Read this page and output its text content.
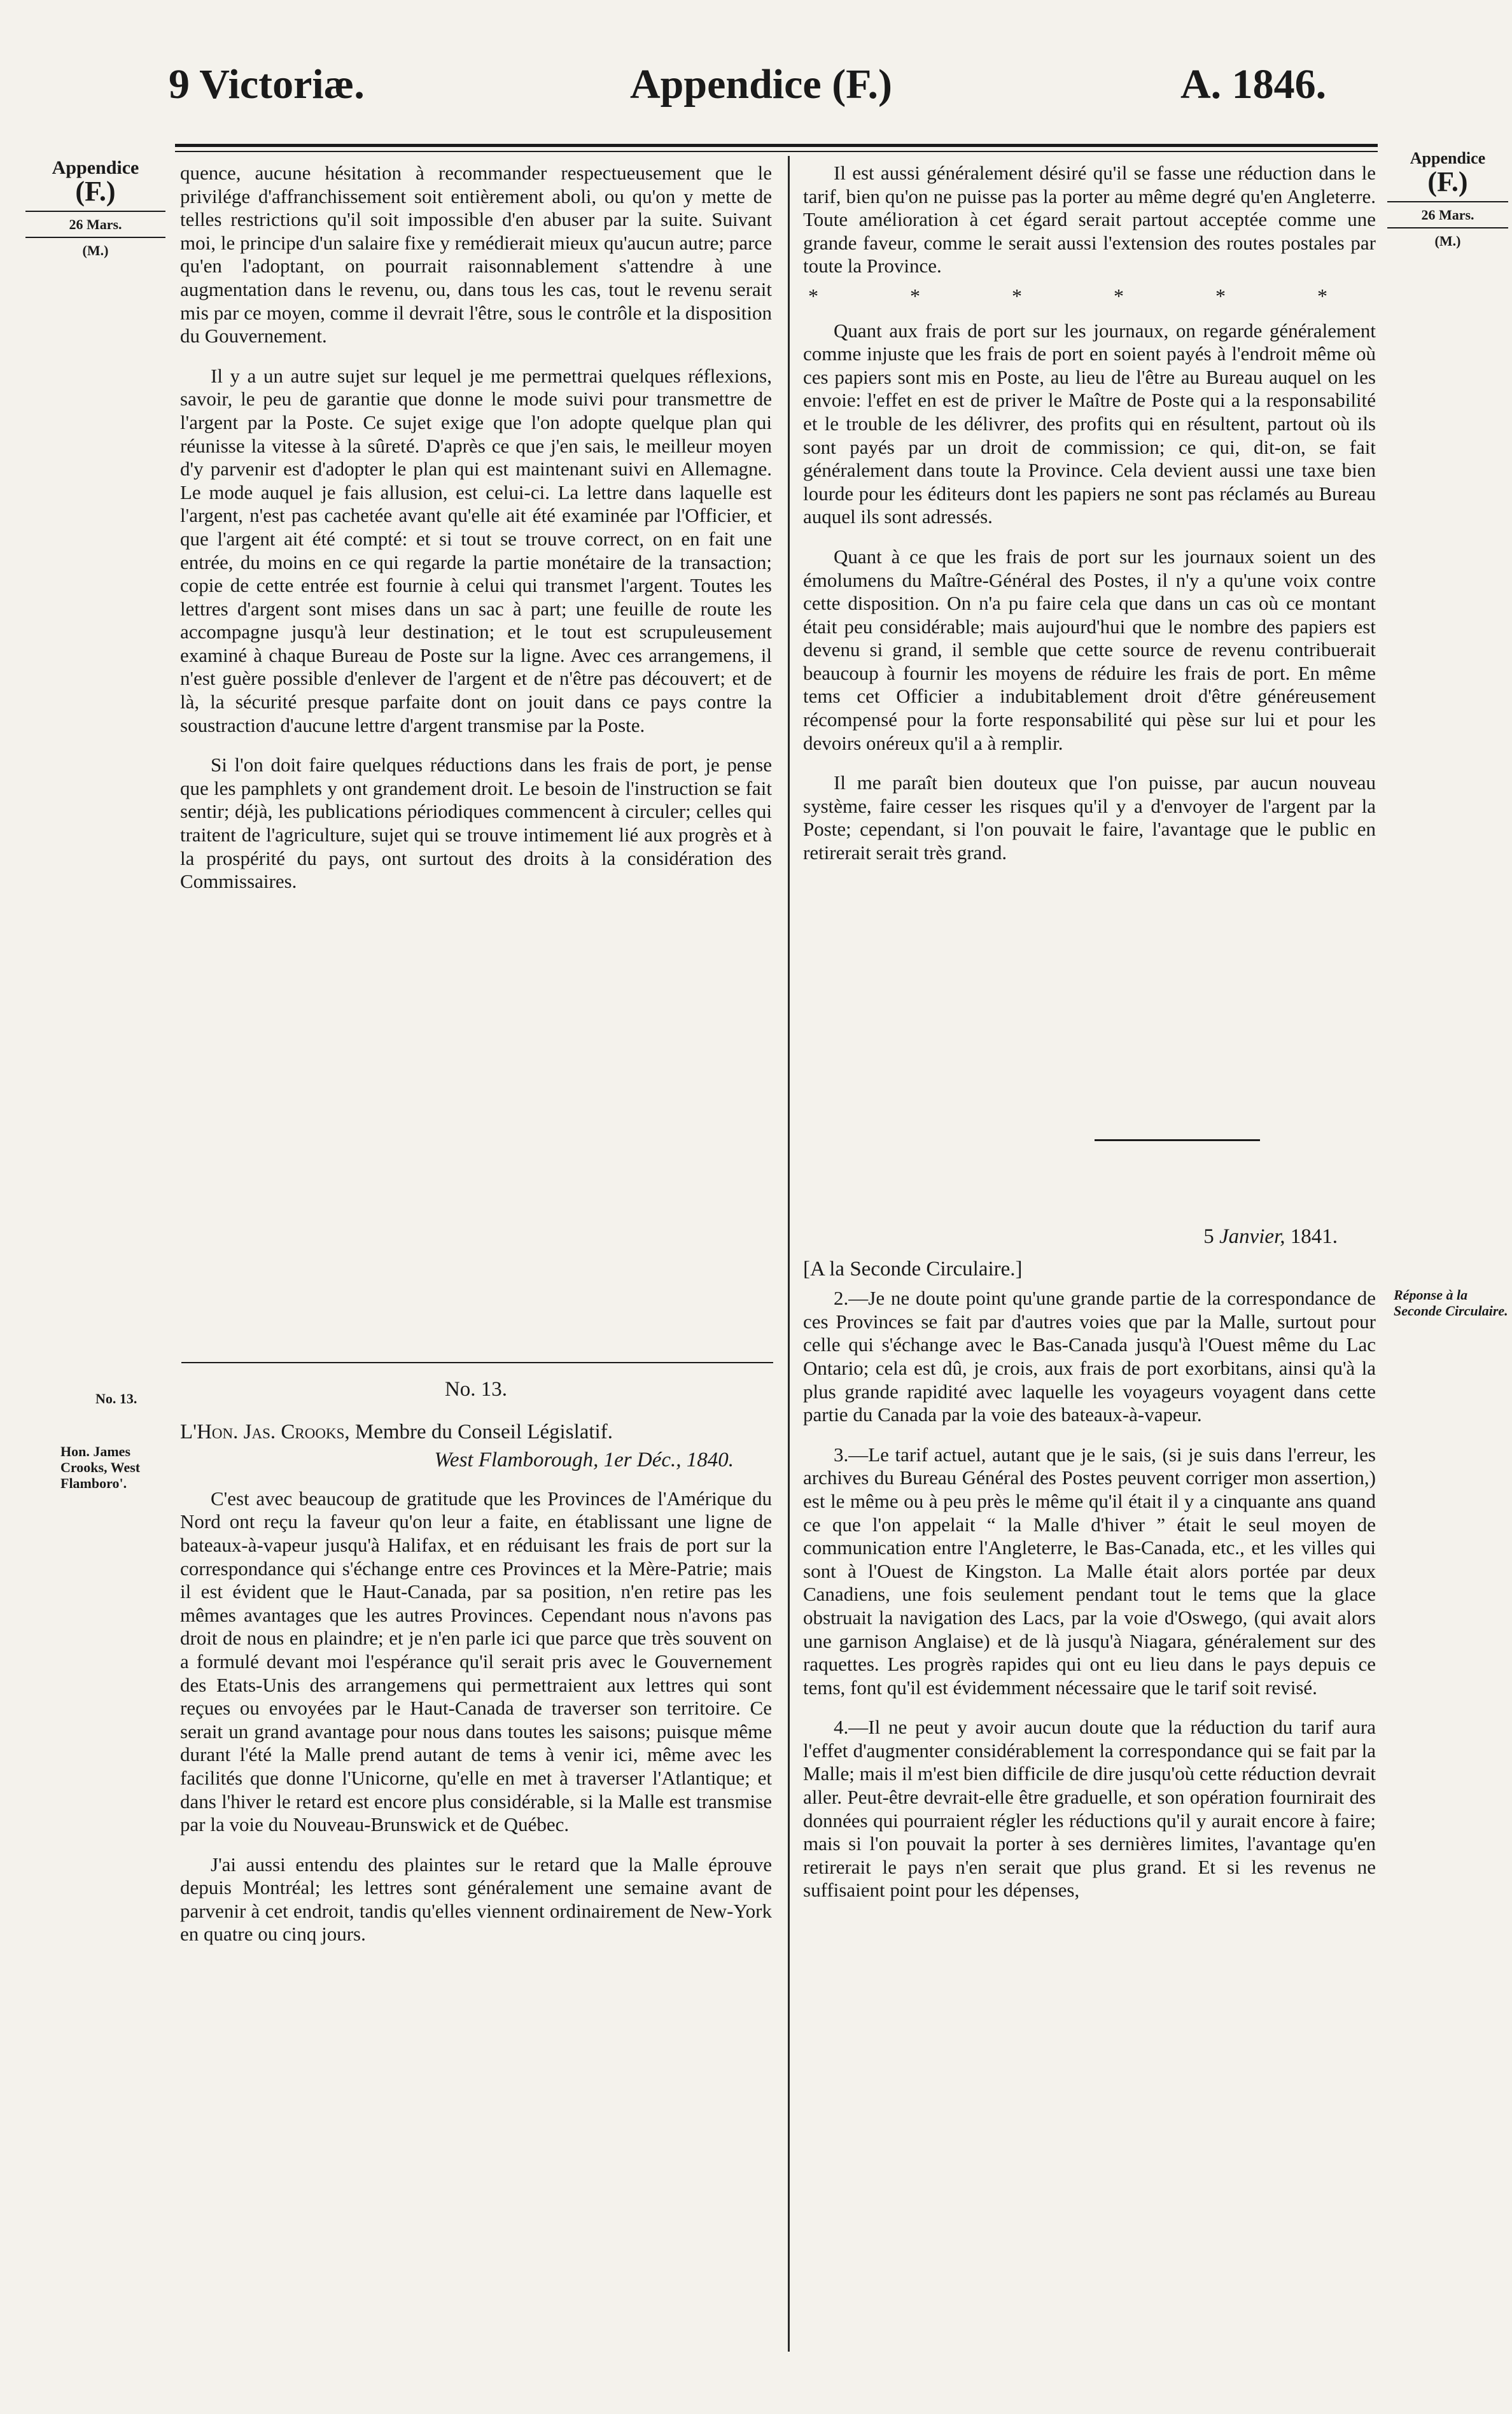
9 Victoriæ.	Appendice (F.)	A. 1846.
Appendice
(F.)
26 Mars.
(M.)
Appendice
(F.)
26 Mars.
(M.)
No. 13.
Hon. James Crooks, West Flamboro'.
Réponse à la Seconde Circulaire.

quence, aucune hésitation à recommander respectueusement que le privilége d'affranchissement soit entièrement aboli, ou qu'on y mette de telles restrictions qu'il soit impossible d'en abuser par la suite. Suivant moi, le principe d'un salaire fixe y remédierait mieux qu'aucun autre; parce qu'en l'adoptant, on pourrait raisonnablement s'attendre à une augmentation dans le revenu, ou, dans tous les cas, tout le revenu serait mis par ce moyen, comme il devrait l'être, sous le contrôle et la disposition du Gouvernement.

Il y a un autre sujet sur lequel je me permettrai quelques réflexions, savoir, le peu de garantie que donne le mode suivi pour transmettre de l'argent par la Poste. Ce sujet exige que l'on adopte quelque plan qui réunisse la vitesse à la sûreté. D'après ce que j'en sais, le meilleur moyen d'y parvenir est d'adopter le plan qui est maintenant suivi en Allemagne. Le mode auquel je fais allusion, est celui-ci. La lettre dans laquelle est l'argent, n'est pas cachetée avant qu'elle ait été examinée par l'Officier, et que l'argent ait été compté: et si tout se trouve correct, on en fait une entrée, du moins en ce qui regarde la partie monétaire de la transaction; copie de cette entrée est fournie à celui qui transmet l'argent. Toutes les lettres d'argent sont mises dans un sac à part; une feuille de route les accompagne jusqu'à leur destination; et le tout est scrupuleusement examiné à chaque Bureau de Poste sur la ligne. Avec ces arrangemens, il n'est guère possible d'enlever de l'argent et de n'être pas découvert; et de là, la sécurité presque parfaite dont on jouit dans ce pays contre la soustraction d'aucune lettre d'argent transmise par la Poste.

Si l'on doit faire quelques réductions dans les frais de port, je pense que les pamphlets y ont grandement droit. Le besoin de l'instruction se fait sentir; déjà, les publications périodiques commencent à circuler; celles qui traitent de l'agriculture, sujet qui se trouve intimement lié aux progrès et à la prospérité du pays, ont surtout des droits à la considération des Commissaires.

No. 13.

L'Hon. Jas. Crooks, Membre du Conseil Législatif.

West Flamborough, 1er Déc., 1840.

C'est avec beaucoup de gratitude que les Provinces de l'Amérique du Nord ont reçu la faveur qu'on leur a faite, en établissant une ligne de bateaux-à-vapeur jusqu'à Halifax, et en réduisant les frais de port sur la correspondance qui s'échange entre ces Provinces et la Mère-Patrie; mais il est évident que le Haut-Canada, par sa position, n'en retire pas les mêmes avantages que les autres Provinces. Cependant nous n'avons pas droit de nous en plaindre; et je n'en parle ici que parce que très souvent on a formulé devant moi l'espérance qu'il serait pris avec le Gouvernement des Etats-Unis des arrangemens qui permettraient aux lettres qui sont reçues ou envoyées par le Haut-Canada de traverser son territoire. Ce serait un grand avantage pour nous dans toutes les saisons; puisque même durant l'été la Malle prend autant de tems à venir ici, même avec les facilités que donne l'Unicorne, qu'elle en met à traverser l'Atlantique; et dans l'hiver le retard est encore plus considérable, si la Malle est transmise par la voie du Nouveau-Brunswick et de Québec.

J'ai aussi entendu des plaintes sur le retard que la Malle éprouve depuis Montréal; les lettres sont généralement une semaine avant de parvenir à cet endroit, tandis qu'elles viennent ordinairement de New-York en quatre ou cinq jours.

Il est aussi généralement désiré qu'il se fasse une réduction dans le tarif, bien qu'on ne puisse pas la porter au même degré qu'en Angleterre. Toute amélioration à cet égard serait partout acceptée comme une grande faveur, comme le serait aussi l'extension des routes postales par toute la Province.

* * * * * *

Quant aux frais de port sur les journaux, on regarde généralement comme injuste que les frais de port en soient payés à l'endroit même où ces papiers sont mis en Poste, au lieu de l'être au Bureau auquel on les envoie: l'effet en est de priver le Maître de Poste qui a la responsabilité et le trouble de les délivrer, des profits qui en résultent, partout où ils sont payés par un droit de commission; ce qui, dit-on, se fait généralement dans toute la Province. Cela devient aussi une taxe bien lourde pour les éditeurs dont les papiers ne sont pas réclamés au Bureau auquel ils sont adressés.

Quant à ce que les frais de port sur les journaux soient un des émolumens du Maître-Général des Postes, il n'y a qu'une voix contre cette disposition. On n'a pu faire cela que dans un cas où ce montant était peu considérable; mais aujourd'hui que le nombre des papiers est devenu si grand, il semble que cette source de revenu contribuerait beaucoup à fournir les moyens de réduire les frais de port. En même tems cet Officier a indubitablement droit d'être généreusement récompensé pour la forte responsabilité qui pèse sur lui et pour les devoirs onéreux qu'il a à remplir.

Il me paraît bien douteux que l'on puisse, par aucun nouveau système, faire cesser les risques qu'il y a d'envoyer de l'argent par la Poste; cependant, si l'on pouvait le faire, l'avantage que le public en retirerait serait très grand.

5 Janvier, 1841.

[A la Seconde Circulaire.]

2.—Je ne doute point qu'une grande partie de la correspondance de ces Provinces se fait par d'autres voies que par la Malle, surtout pour celle qui s'échange avec le Bas-Canada jusqu'à l'Ouest même du Lac Ontario; cela est dû, je crois, aux frais de port exorbitans, ainsi qu'à la plus grande rapidité avec laquelle les voyageurs voyagent dans cette partie du Canada par la voie des bateaux-à-vapeur.

3.—Le tarif actuel, autant que je le sais, (si je suis dans l'erreur, les archives du Bureau Général des Postes peuvent corriger mon assertion,) est le même ou à peu près le même qu'il était il y a cinquante ans quand ce que l'on appelait “ la Malle d'hiver ” était le seul moyen de communication entre l'Angleterre, le Bas-Canada, etc., et les villes qui sont à l'Ouest de Kingston. La Malle était alors portée par deux Canadiens, une fois seulement pendant tout le tems que la glace obstruait la navigation des Lacs, par la voie d'Oswego, (qui avait alors une garnison Anglaise) et de là jusqu'à Niagara, généralement sur des raquettes. Les progrès rapides qui ont eu lieu dans le pays depuis ce tems, font qu'il est évidemment nécessaire que le tarif soit revisé.

4.—Il ne peut y avoir aucun doute que la réduction du tarif aura l'effet d'augmenter considérablement la correspondance qui se fait par la Malle; mais il m'est bien difficile de dire jusqu'où cette réduction devrait aller. Peut-être devrait-elle être graduelle, et son opération fournirait des données qui pourraient régler les réductions qu'il y aurait encore à faire; mais si l'on pouvait la porter à ses dernières limites, l'avantage qu'en retirerait le pays n'en serait que plus grand. Et si les revenus ne suffisaient point pour les dépenses,
